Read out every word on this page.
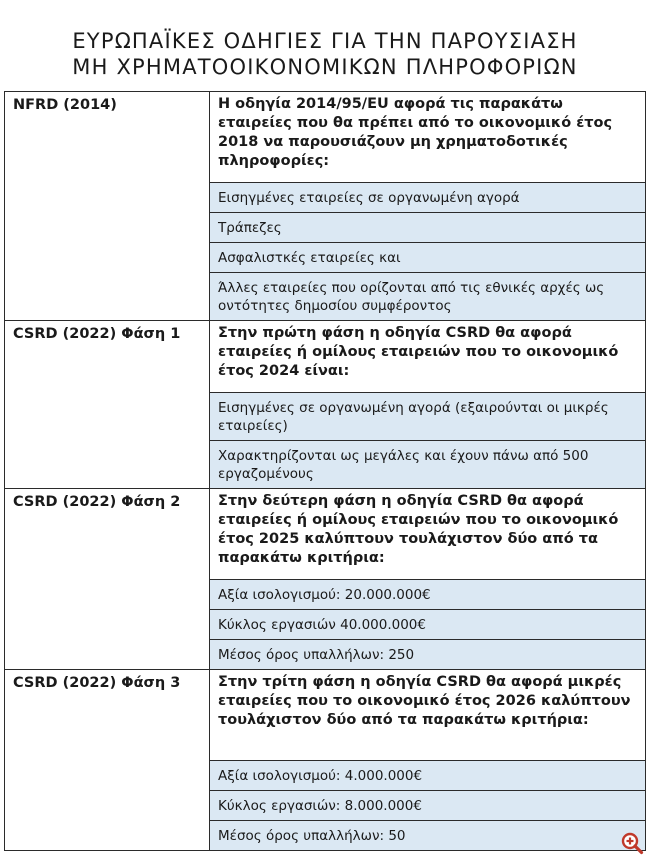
ΕΥΡΩΠΑΪΚΕΣ ΟΔΗΓΙΕΣ ΓΙΑ ΤΗΝ ΠΑΡΟΥΣΙΑΣΗ
ΜΗ ΧΡΗΜΑΤΟΟΙΚΟΝΟΜΙΚΩΝ ΠΛΗΡΟΦΟΡΙΩΝ
NFRD (2014)	Η οδηγία 2014/95/EU αφορά τις παρακάτω εταιρείες που θα πρέπει από το οικονομικό έτος 2018 να παρουσιάζουν μη χρηματοδοτικές πληροφορίες:
Εισηγμένες εταιρείες σε οργανωμένη αγορά
Τράπεζες
Ασφαλιστκές εταιρείες και
Άλλες εταιρείες που ορίζονται από τις εθνικές αρχές ως οντότητες δημοσίου συμφέροντος

CSRD (2022) Φάση 1	Στην πρώτη φάση η οδηγία CSRD θα αφορά εταιρείες ή ομίλους εταιρειών που το οικονομικό έτος 2024 είναι:
Εισηγμένες σε οργανωμένη αγορά (εξαιρούνται οι μικρές εταιρείες)
Χαρακτηρίζονται ως μεγάλες και έχουν πάνω από 500 εργαζομένους

CSRD (2022) Φάση 2	Στην δεύτερη φάση η οδηγία CSRD θα αφορά εταιρείες ή ομίλους εταιρειών που το οικονομικό έτος 2025 καλύπτουν τουλάχιστον δύο από τα παρακάτω κριτήρια:
Αξία ισολογισμού: 20.000.000€
Κύκλος εργασιών 40.000.000€
Μέσος όρος υπαλλήλων: 250

CSRD (2022) Φάση 3	Στην τρίτη φάση η οδηγία CSRD θα αφορά μικρές εταιρείες που το οικονομικό έτος 2026 καλύπτουν τουλάχιστον δύο από τα παρακάτω κριτήρια:
Αξία ισολογισμού: 4.000.000€
Κύκλος εργασιών: 8.000.000€
Μέσος όρος υπαλλήλων: 50
